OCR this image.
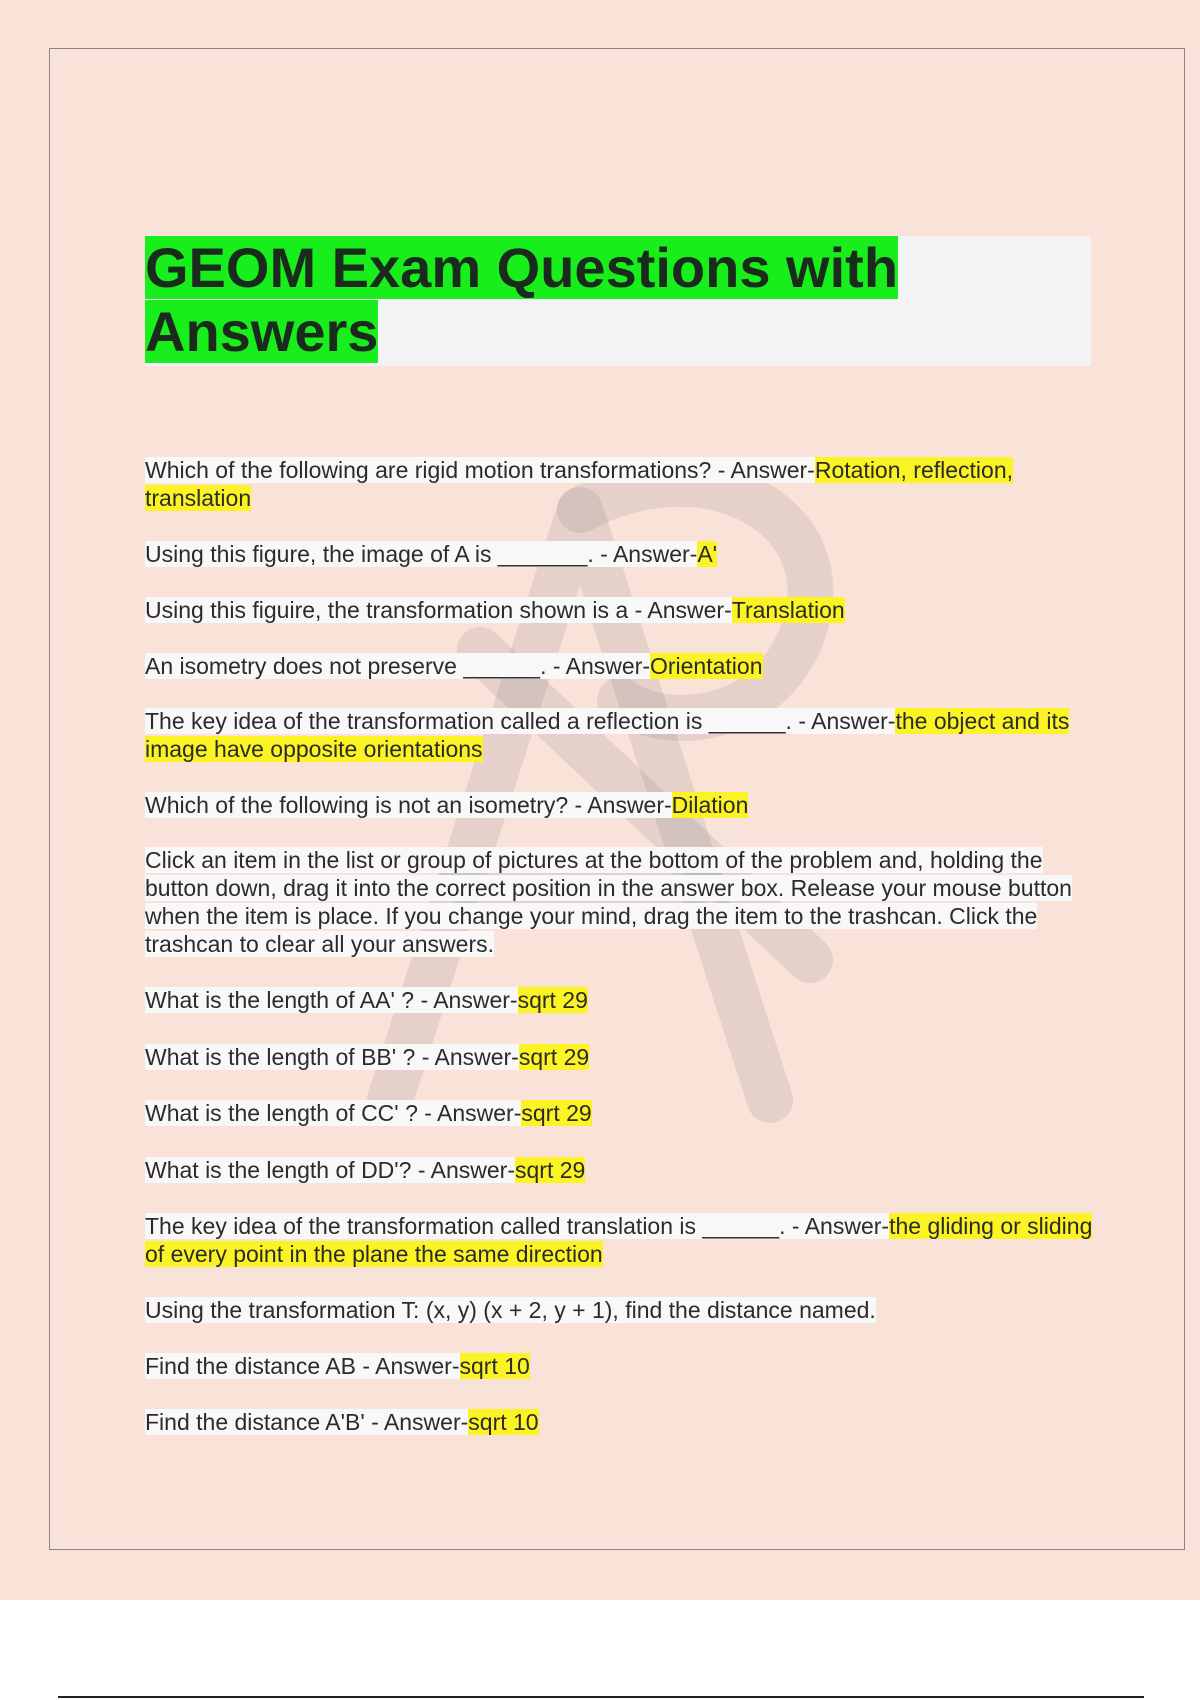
GEOM Exam Questions with Answers

Which of the following are rigid motion transformations? - Answer-Rotation, reflection, translation

Using this figure, the image of A is _______. - Answer-A'

Using this figuire, the transformation shown is a - Answer-Translation

An isometry does not preserve ______. - Answer-Orientation

The key idea of the transformation called a reflection is ______. - Answer-the object and its image have opposite orientations

Which of the following is not an isometry? - Answer-Dilation

Click an item in the list or group of pictures at the bottom of the problem and, holding the button down, drag it into the correct position in the answer box. Release your mouse button when the item is place. If you change your mind, drag the item to the trashcan. Click the trashcan to clear all your answers.

What is the length of AA' ? - Answer-sqrt 29

What is the length of BB' ? - Answer-sqrt 29

What is the length of CC' ? - Answer-sqrt 29

What is the length of DD'? - Answer-sqrt 29

The key idea of the transformation called translation is ______. - Answer-the gliding or sliding of every point in the plane the same direction

Using the transformation T: (x, y) (x + 2, y + 1), find the distance named.

Find the distance AB - Answer-sqrt 10

Find the distance A'B' - Answer-sqrt 10
